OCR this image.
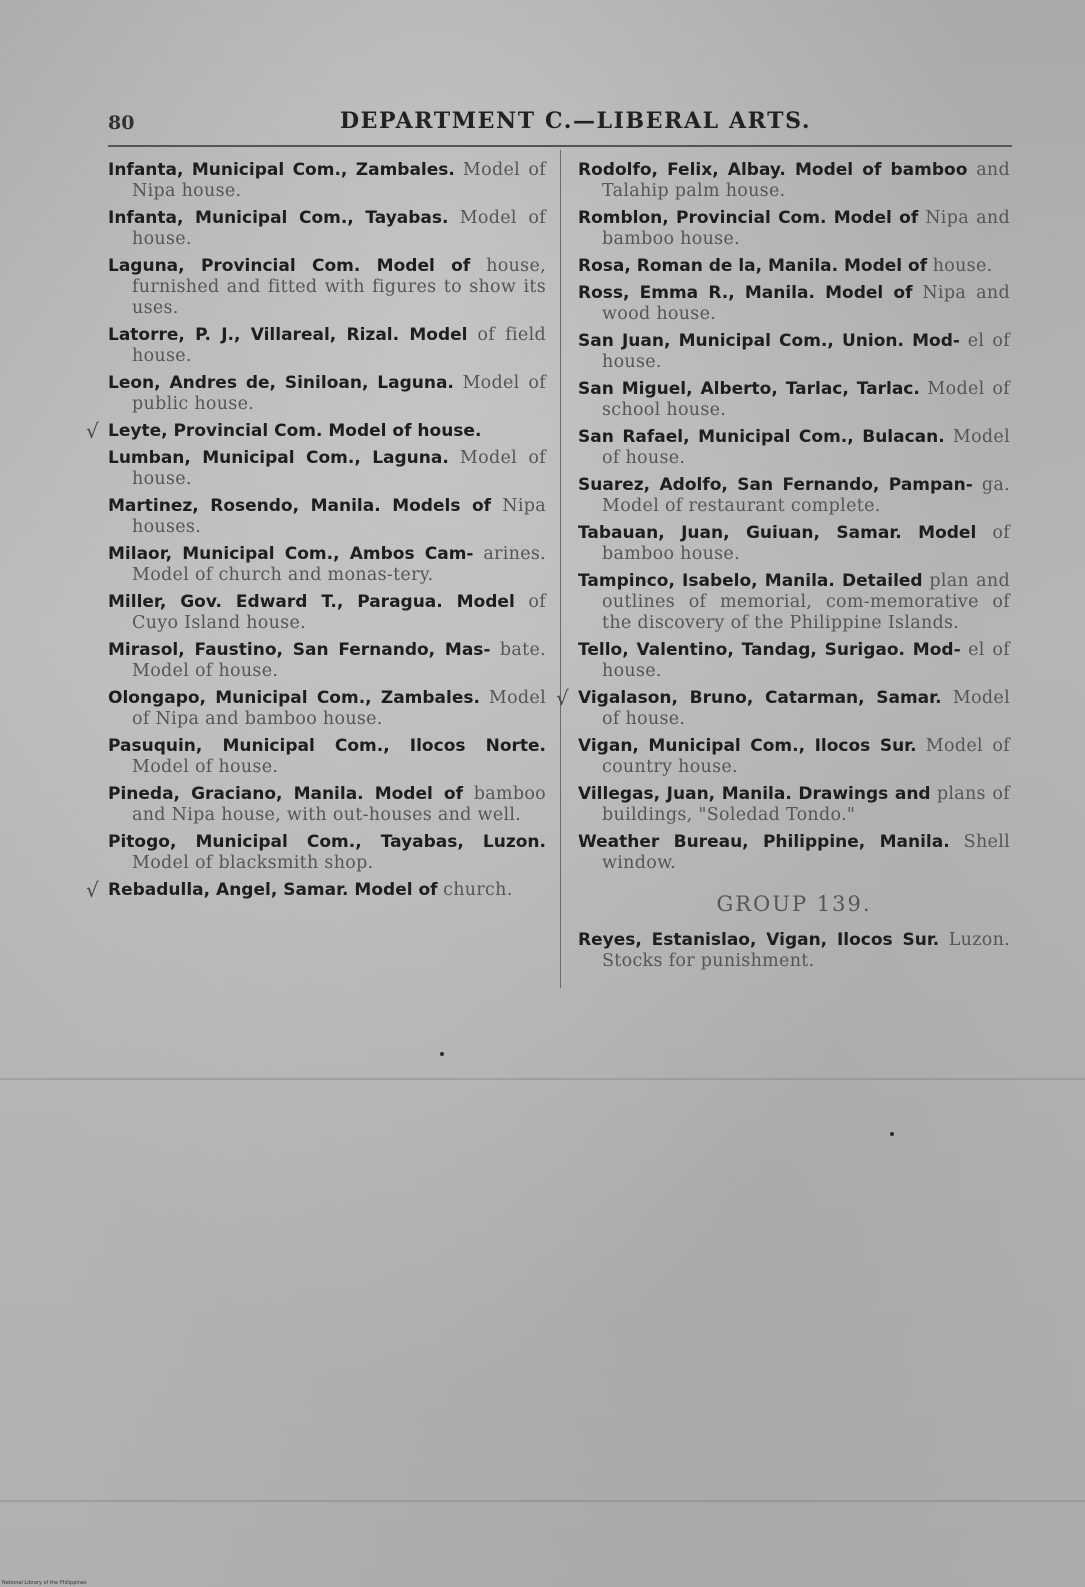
80	DEPARTMENT C.—LIBERAL ARTS.

Infanta, Municipal Com., Zambales. Model of Nipa house.

Infanta, Municipal Com., Tayabas. Model of house.

Laguna, Provincial Com. Model of house, furnished and fitted with figures to show its uses.

Latorre, P. J., Villareal, Rizal. Model of field house.

Leon, Andres de, Siniloan, Laguna. Model of public house.

√ Leyte, Provincial Com. Model of house.

Lumban, Municipal Com., Laguna. Model of house.

Martinez, Rosendo, Manila. Models of Nipa houses.

Milaor, Municipal Com., Ambos Cam- arines. Model of church and monas-tery.

Miller, Gov. Edward T., Paragua. Model of Cuyo Island house.

Mirasol, Faustino, San Fernando, Mas- bate. Model of house.

Olongapo, Municipal Com., Zambales. Model of Nipa and bamboo house.

Pasuquin, Municipal Com., Ilocos Norte. Model of house.

Pineda, Graciano, Manila. Model of bamboo and Nipa house, with out-houses and well.

Pitogo, Municipal Com., Tayabas, Luzon. Model of blacksmith shop.

√ Rebadulla, Angel, Samar. Model of church.

Rodolfo, Felix, Albay. Model of bamboo and Talahip palm house.

Romblon, Provincial Com. Model of Nipa and bamboo house.

Rosa, Roman de la, Manila. Model of house.

Ross, Emma R., Manila. Model of Nipa and wood house.

San Juan, Municipal Com., Union. Mod- el of house.

San Miguel, Alberto, Tarlac, Tarlac. Model of school house.

San Rafael, Municipal Com., Bulacan. Model of house.

Suarez, Adolfo, San Fernando, Pampan- ga. Model of restaurant complete.

Tabauan, Juan, Guiuan, Samar. Model of bamboo house.

Tampinco, Isabelo, Manila. Detailed plan and outlines of memorial, com-memorative of the discovery of the Philippine Islands.

Tello, Valentino, Tandag, Surigao. Mod- el of house.

√ Vigalason, Bruno, Catarman, Samar. Model of house.

Vigan, Municipal Com., Ilocos Sur. Model of country house.

Villegas, Juan, Manila. Drawings and plans of buildings, "Soledad Tondo."

Weather Bureau, Philippine, Manila. Shell window.

GROUP 139.

Reyes, Estanislao, Vigan, Ilocos Sur. Luzon. Stocks for punishment.

National Library of the Philippines
